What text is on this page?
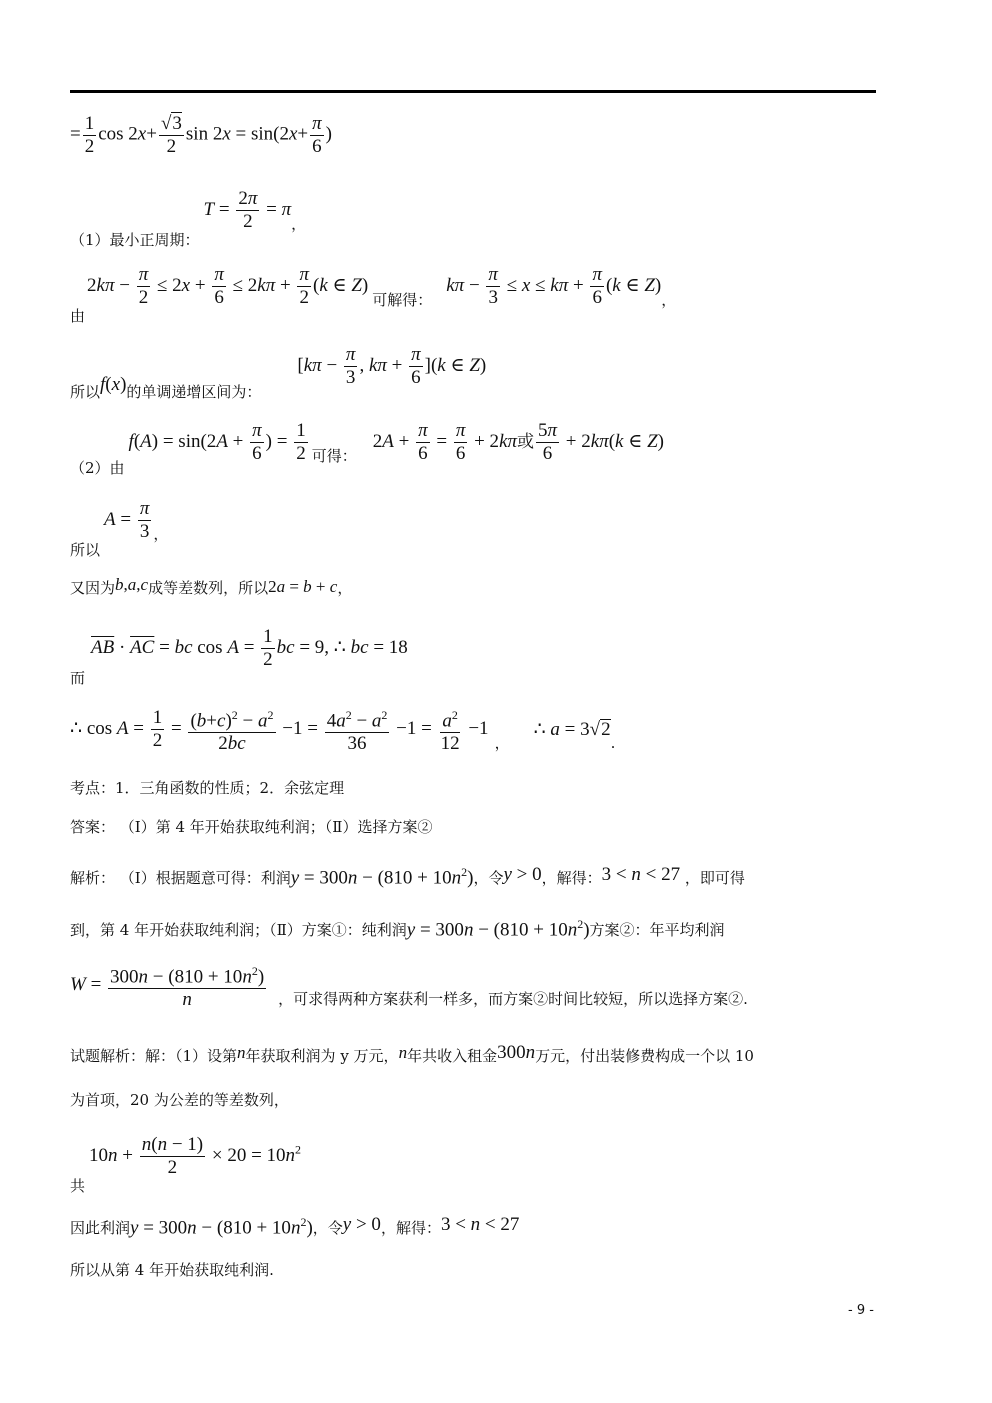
= $\frac{1}{2}$ $\cos 2x+ \frac{√3}{2}$ $\sin 2x = \sin(2x+ \frac{\pi}{6}$ )
（1）最小正周期：$T = \frac{2\pi}{2} = \pi$，
由$2k\pi - \frac{\pi}{2} \le 2x + \frac{\pi}{6} \le 2k\pi + \frac{\pi}{2} (k$ ∈ Z)可解得：$k\pi - \frac{\pi}{3} \le x \le k\pi + \frac{\pi}{6} (k$ ∈ Z)，
所以f(x)的单调递增区间为：[$k\pi - \frac{\pi}{3}$ , $k\pi + \frac{\pi}{6} ](k$ ∈ Z)
（2）由$f(A) = \sin(2A + \frac{\pi}{6}$ ) = $\frac{1}{2}$ 可得：$2A + \frac{\pi}{6} = \frac{\pi}{6} + 2k\pi$或 $\frac{5\pi}{6} + 2k\pi(k$ ∈ Z)
所以$A = \frac{\pi}{3}$ ，
又因为b,a,c成等差数列，所以2a = b + c，
而$\overline{AB} \cdot \overline{AC}$ = bc $\cos A = \frac{1}{2}$ bc = 9, ∴ bc = 18
∴ $\cos A = \frac{1}{2} = \frac{(b+c)^2 - a^2}{2bc} -1 = \frac{4a^2 - a^2}{36} -1 = \frac{a^2}{12} -1$，∴ a = 3√2.
考点：1．三角函数的性质；2．余弦定理
答案： （Ⅰ）第 4 年开始获取纯利润；（Ⅱ）选择方案②
解析： （Ⅰ）根据题意可得：利润$y = 300n - (810 + 10n^2)$，令y > 0，解得：3 < n < 27 ，即可得
到，第 4 年开始获取纯利润；（Ⅱ）方案①：纯利润$y = 300n - (810 + 10n^2)$方案②：年平均利润
$W = \frac{300n - (810 + 10n^2)}{n}$ ，可求得两种方案获利一样多，而方案②时间比较短，所以选择方案②.
试题解析：解：（1）设第n年获取利润为 y 万元，n年共收入租金300n万元，付出装修费构成一个以 10
为首项，20 为公差的等差数列，
共$10n + \frac{n(n - 1)}{2} \times 20 = 10n^2$
因此利润$y = 300n - (810 + 10n^2)$，令y > 0，解得：3 < n < 27
所以从第 4 年开始获取纯利润.
- 9 -
